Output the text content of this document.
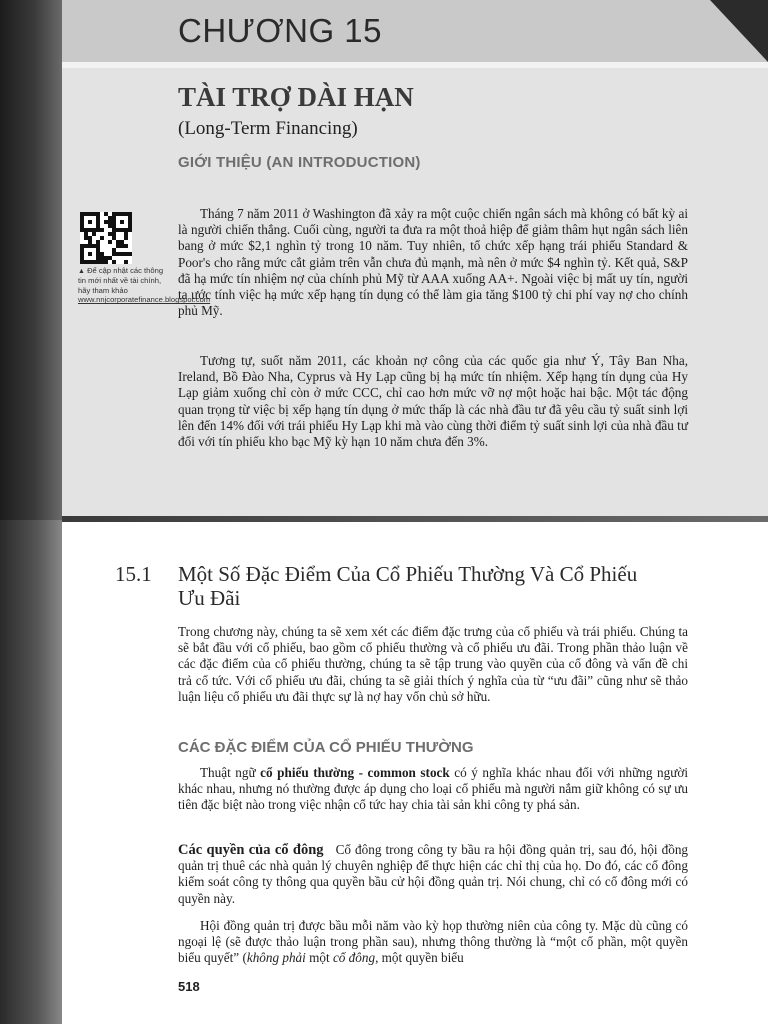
CHƯƠNG 15
TÀI TRỢ DÀI HẠN
(Long-Term Financing)
GIỚI THIỆU (AN INTRODUCTION)
▲ Để cập nhật các thông tin mới nhất về tài chính, hãy tham khảo www.nnjcorporatefinance.blogspot.com

Tháng 7 năm 2011 ở Washington đã xảy ra một cuộc chiến ngân sách mà không có bất kỳ ai là người chiến thắng. Cuối cùng, người ta đưa ra một thoả hiệp để giảm thâm hụt ngân sách liên bang ở mức $2,1 nghìn tỷ trong 10 năm. Tuy nhiên, tổ chức xếp hạng trái phiếu Standard & Poor's cho rằng mức cắt giảm trên vẫn chưa đủ mạnh, mà nên ở mức $4 nghìn tỷ. Kết quả, S&P đã hạ mức tín nhiệm nợ của chính phủ Mỹ từ AAA xuống AA+. Ngoài việc bị mất uy tín, người ta ước tính việc hạ mức xếp hạng tín dụng có thể làm gia tăng $100 tỷ chi phí vay nợ cho chính phủ Mỹ.

Tương tự, suốt năm 2011, các khoản nợ công của các quốc gia như Ý, Tây Ban Nha, Ireland, Bồ Đào Nha, Cyprus và Hy Lạp cũng bị hạ mức tín nhiệm. Xếp hạng tín dụng của Hy Lạp giảm xuống chỉ còn ở mức CCC, chỉ cao hơn mức vỡ nợ một hoặc hai bậc. Một tác động quan trọng từ việc bị xếp hạng tín dụng ở mức thấp là các nhà đầu tư đã yêu cầu tỷ suất sinh lợi lên đến 14% đối với trái phiếu Hy Lạp khi mà vào cùng thời điểm tỷ suất sinh lợi của nhà đầu tư đối với tín phiếu kho bạc Mỹ kỳ hạn 10 năm chưa đến 3%.

15.1 Một Số Đặc Điểm Của Cổ Phiếu Thường Và Cổ Phiếu Ưu Đãi

Trong chương này, chúng ta sẽ xem xét các điểm đặc trưng của cổ phiếu và trái phiếu. Chúng ta sẽ bắt đầu với cổ phiếu, bao gồm cổ phiếu thường và cổ phiếu ưu đãi. Trong phần thảo luận về các đặc điểm của cổ phiếu thường, chúng ta sẽ tập trung vào quyền của cổ đông và vấn đề chi trả cổ tức. Với cổ phiếu ưu đãi, chúng ta sẽ giải thích ý nghĩa của từ “ưu đãi” cũng như sẽ thảo luận liệu cổ phiếu ưu đãi thực sự là nợ hay vốn chủ sở hữu.

CÁC ĐẶC ĐIỂM CỦA CỔ PHIẾU THƯỜNG

Thuật ngữ cổ phiếu thường - common stock có ý nghĩa khác nhau đối với những người khác nhau, nhưng nó thường được áp dụng cho loại cổ phiếu mà người nắm giữ không có sự ưu tiên đặc biệt nào trong việc nhận cổ tức hay chia tài sản khi công ty phá sản.

Các quyền của cổ đông Cổ đông trong công ty bầu ra hội đồng quản trị, sau đó, hội đồng quản trị thuê các nhà quản lý chuyên nghiệp để thực hiện các chỉ thị của họ. Do đó, các cổ đông kiểm soát công ty thông qua quyền bầu cử hội đồng quản trị. Nói chung, chỉ có cổ đông mới có quyền này.

Hội đồng quản trị được bầu mỗi năm vào kỳ họp thường niên của công ty. Mặc dù cũng có ngoại lệ (sẽ được thảo luận trong phần sau), nhưng thông thường là “một cổ phần, một quyền biểu quyết” (không phải một cổ đông, một quyền biểu

518
